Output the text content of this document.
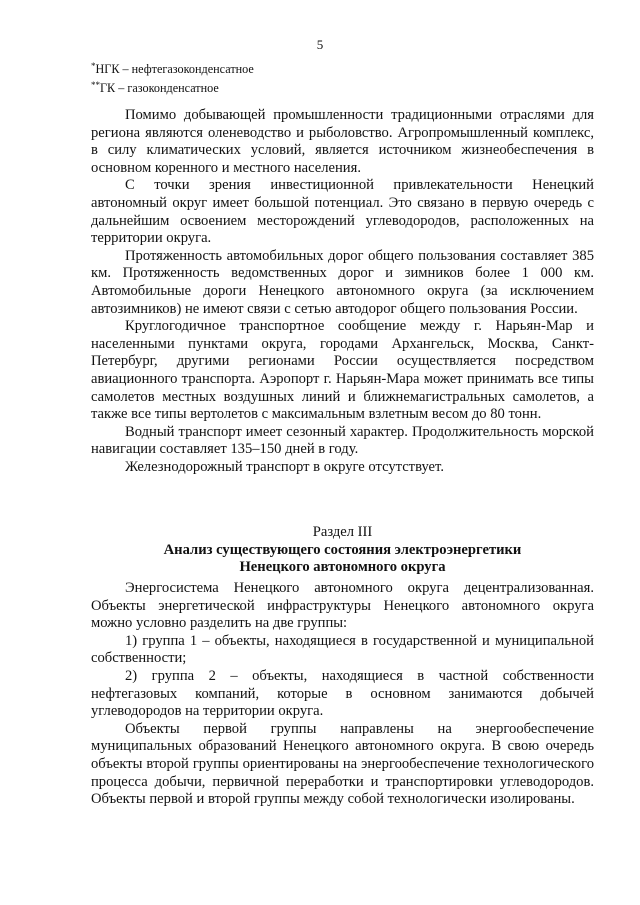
5
*НГК – нефтегазоконденсатное
**ГК – газоконденсатное

Помимо добывающей промышленности традиционными отраслями для региона являются оленеводство и рыболовство. Агропромышленный комплекс, в силу климатических условий, является источником жизнеобеспечения в основном коренного и местного населения.

С точки зрения инвестиционной привлекательности Ненецкий автономный округ имеет большой потенциал. Это связано в первую очередь с дальнейшим освоением месторождений углеводородов, расположенных на территории округа.

Протяженность автомобильных дорог общего пользования составляет 385 км. Протяженность ведомственных дорог и зимников более 1 000 км. Автомобильные дороги Ненецкого автономного округа (за исключением автозимников) не имеют связи с сетью автодорог общего пользования России.

Круглогодичное транспортное сообщение между г. Нарьян-Мар и населенными пунктами округа, городами Архангельск, Москва, Санкт-Петербург, другими регионами России осуществляется посредством авиационного транспорта. Аэропорт г. Нарьян-Мара может принимать все типы самолетов местных воздушных линий и ближнемагистральных самолетов, а также все типы вертолетов с максимальным взлетным весом до 80 тонн.

Водный транспорт имеет сезонный характер. Продолжительность морской навигации составляет 135–150 дней в году.

Железнодорожный транспорт в округе отсутствует.

Раздел III
Анализ существующего состояния электроэнергетики
Ненецкого автономного округа

Энергосистема Ненецкого автономного округа децентрализованная. Объекты энергетической инфраструктуры Ненецкого автономного округа можно условно разделить на две группы:

1) группа 1 – объекты, находящиеся в государственной и муниципальной собственности;

2) группа 2 – объекты, находящиеся в частной собственности нефтегазовых компаний, которые в основном занимаются добычей углеводородов на территории округа.

Объекты первой группы направлены на энергообеспечение муниципальных образований Ненецкого автономного округа. В свою очередь объекты второй группы ориентированы на энергообеспечение технологического процесса добычи, первичной переработки и транспортировки углеводородов. Объекты первой и второй группы между собой технологически изолированы.
